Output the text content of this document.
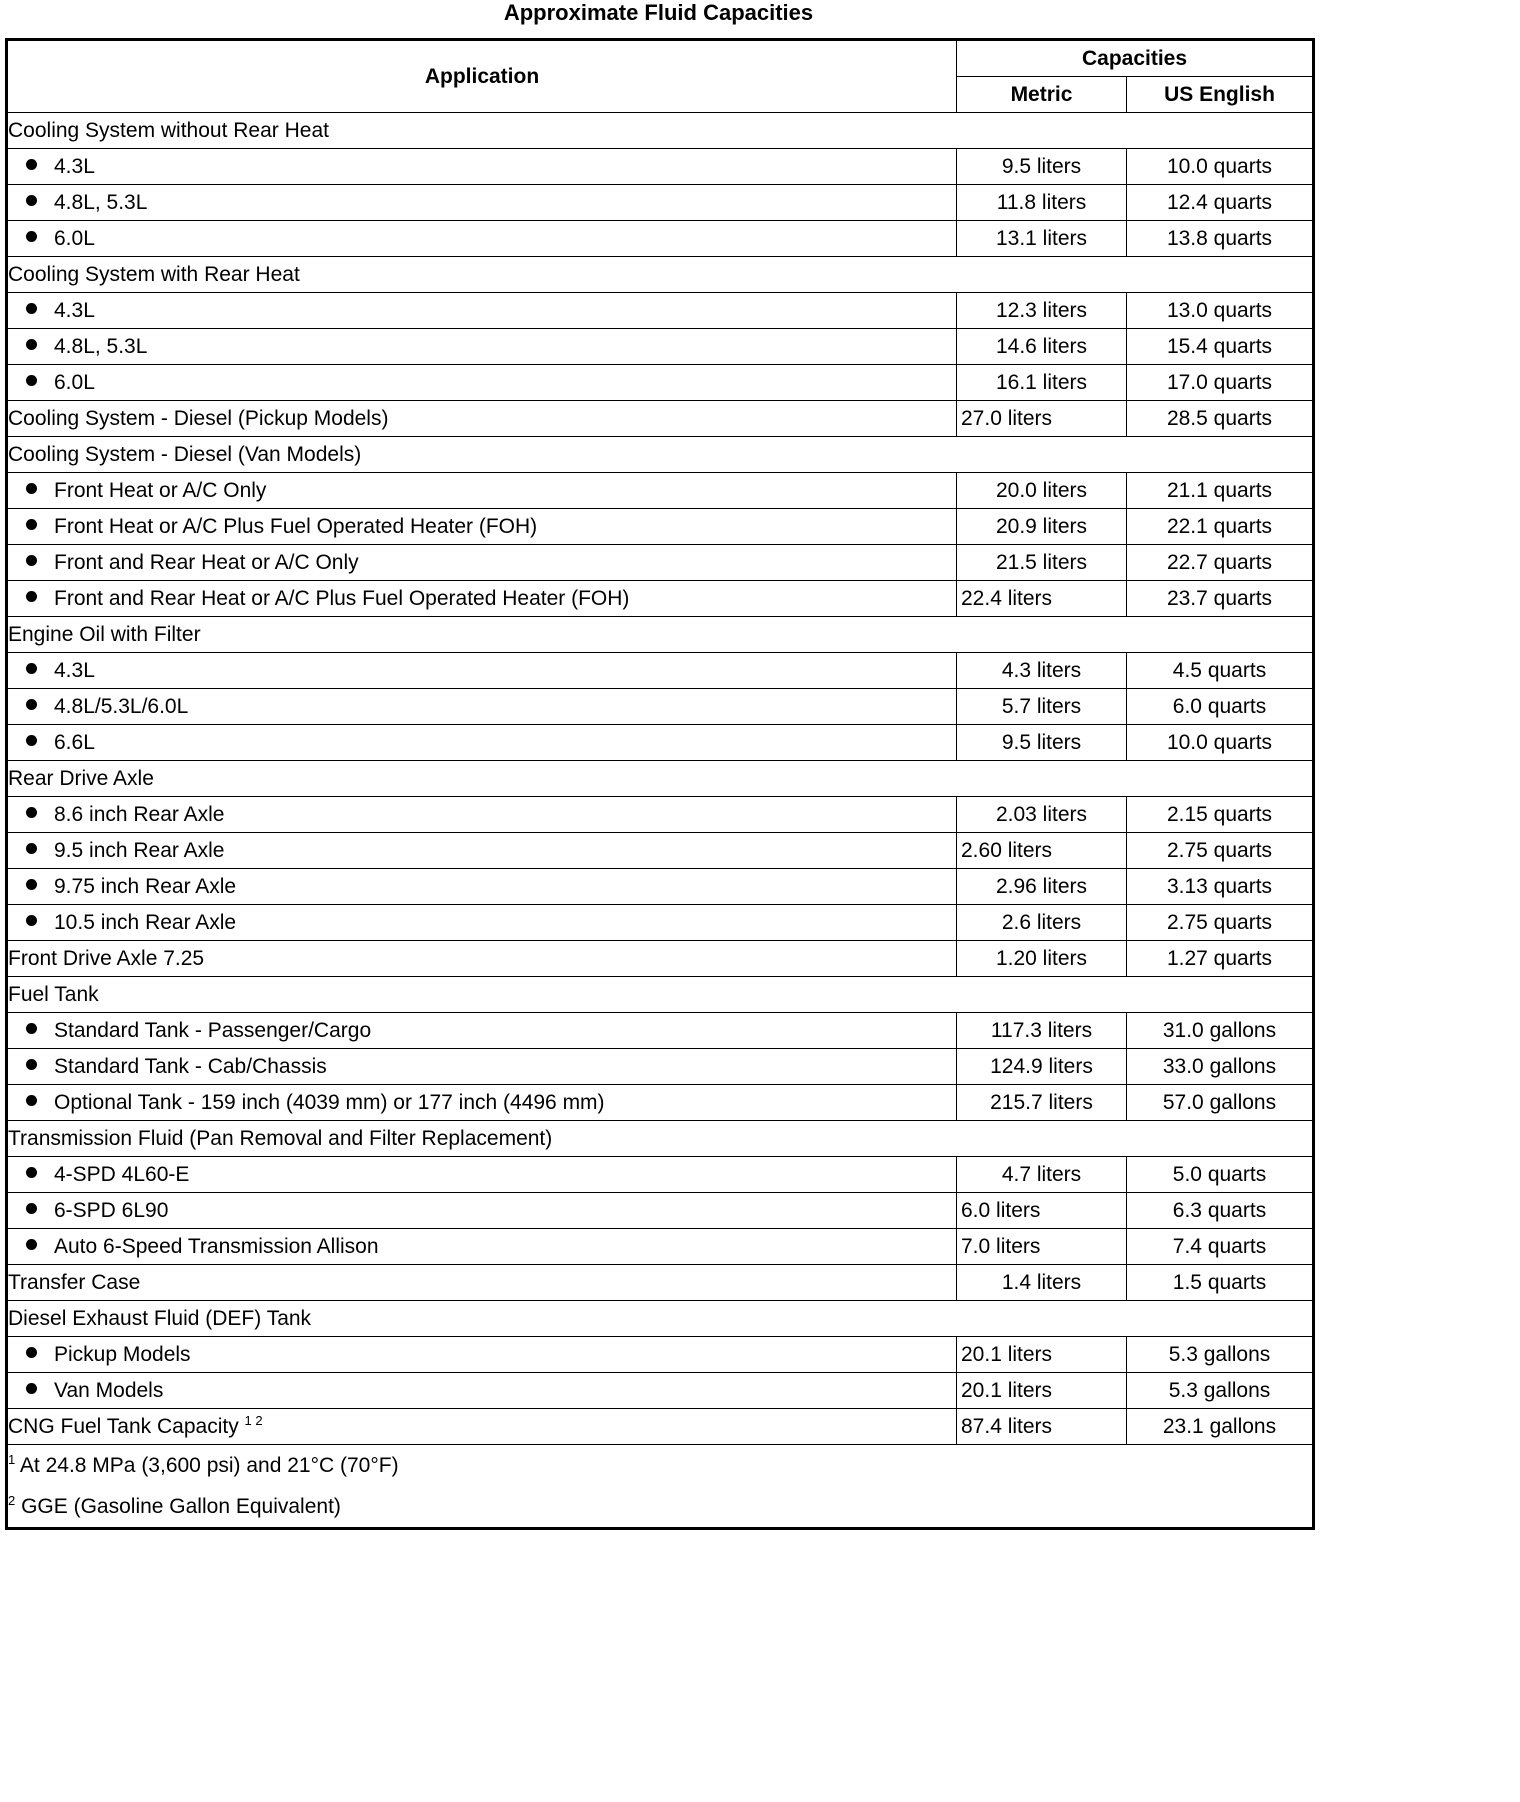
Approximate Fluid Capacities
Application	Capacities	
	Metric	US English
Cooling System without Rear Heat		
4.3L	9.5 liters	10.0 quarts
4.8L, 5.3L	11.8 liters	12.4 quarts
6.0L	13.1 liters	13.8 quarts
Cooling System with Rear Heat		
4.3L	12.3 liters	13.0 quarts
4.8L, 5.3L	14.6 liters	15.4 quarts
6.0L	16.1 liters	17.0 quarts
Cooling System - Diesel (Pickup Models)	27.0 liters	28.5 quarts
Cooling System - Diesel (Van Models)		
Front Heat or A/C Only	20.0 liters	21.1 quarts
Front Heat or A/C Plus Fuel Operated Heater (FOH)	20.9 liters	22.1 quarts
Front and Rear Heat or A/C Only	21.5 liters	22.7 quarts
Front and Rear Heat or A/C Plus Fuel Operated Heater (FOH)	22.4 liters	23.7 quarts
Engine Oil with Filter		
4.3L	4.3 liters	4.5 quarts
4.8L/5.3L/6.0L	5.7 liters	6.0 quarts
6.6L	9.5 liters	10.0 quarts
Rear Drive Axle		
8.6 inch Rear Axle	2.03 liters	2.15 quarts
9.5 inch Rear Axle	2.60 liters	2.75 quarts
9.75 inch Rear Axle	2.96 liters	3.13 quarts
10.5 inch Rear Axle	2.6 liters	2.75 quarts
Front Drive Axle 7.25	1.20 liters	1.27 quarts
Fuel Tank		
Standard Tank - Passenger/Cargo	117.3 liters	31.0 gallons
Standard Tank - Cab/Chassis	124.9 liters	33.0 gallons
Optional Tank - 159 inch (4039 mm) or 177 inch (4496 mm)	215.7 liters	57.0 gallons
Transmission Fluid (Pan Removal and Filter Replacement)		
4-SPD 4L60-E	4.7 liters	5.0 quarts
6-SPD 6L90	6.0 liters	6.3 quarts
Auto 6-Speed Transmission Allison	7.0 liters	7.4 quarts
Transfer Case	1.4 liters	1.5 quarts
Diesel Exhaust Fluid (DEF) Tank		
Pickup Models	20.1 liters	5.3 gallons
Van Models	20.1 liters	5.3 gallons
CNG Fuel Tank Capacity $^{1 2}$	87.4 liters	23.1 gallons
$^1$ At 24.8 MPa (3,600 psi) and 21°C (70°F)		
$^2$ GGE (Gasoline Gallon Equivalent)		
